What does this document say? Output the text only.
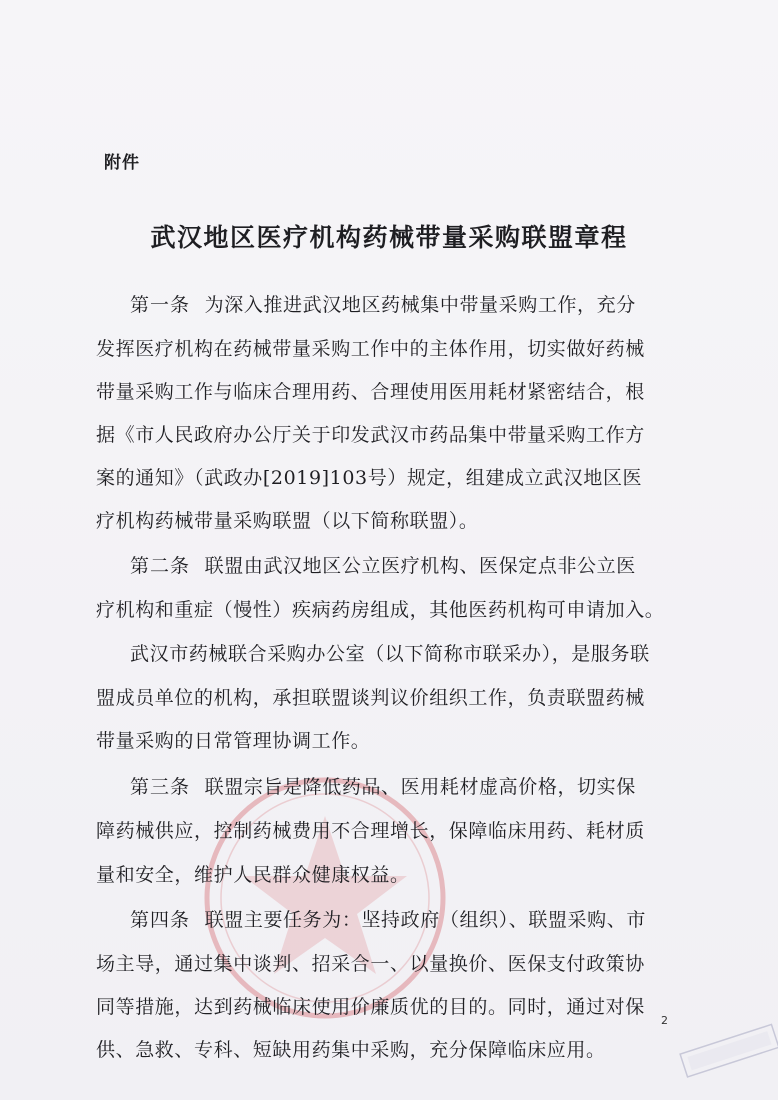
附件
武汉地区医疗机构药械带量采购联盟章程
第一条 为深入推进武汉地区药械集中带量采购工作，充分
发挥医疗机构在药械带量采购工作中的主体作用，切实做好药械
带量采购工作与临床合理用药、合理使用医用耗材紧密结合，根
据《市人民政府办公厅关于印发武汉市药品集中带量采购工作方
案的通知》（武政办[2019]103号）规定，组建成立武汉地区医
疗机构药械带量采购联盟（以下简称联盟）。
第二条 联盟由武汉地区公立医疗机构、医保定点非公立医
疗机构和重症（慢性）疾病药房组成，其他医药机构可申请加入。
武汉市药械联合采购办公室（以下简称市联采办），是服务联
盟成员单位的机构，承担联盟谈判议价组织工作，负责联盟药械
带量采购的日常管理协调工作。
第三条 联盟宗旨是降低药品、医用耗材虚高价格，切实保
障药械供应，控制药械费用不合理增长，保障临床用药、耗材质
量和安全，维护人民群众健康权益。
第四条 联盟主要任务为：坚持政府（组织）、联盟采购、市
场主导，通过集中谈判、招采合一、以量换价、医保支付政策协
同等措施，达到药械临床使用价廉质优的目的。同时，通过对保
供、急救、专科、短缺用药集中采购，充分保障临床应用。
2
